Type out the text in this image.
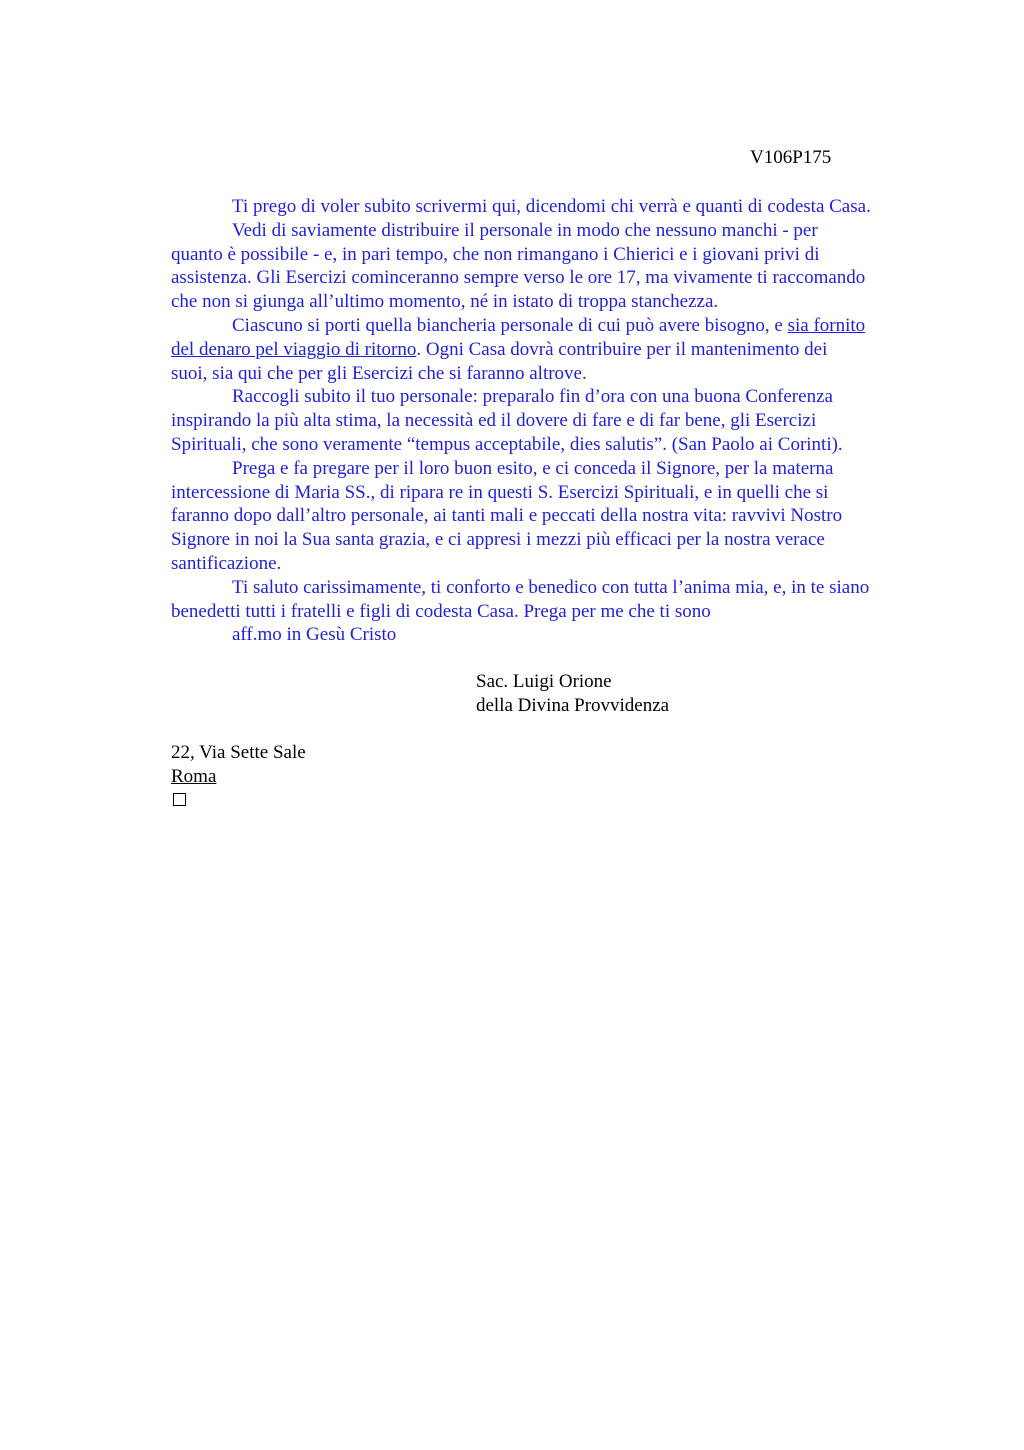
V106P175

Ti prego di voler subito scrivermi qui, dicendomi chi verrà e quanti di codesta Casa.

Vedi di saviamente distribuire il personale in modo che nessuno manchi - per
quanto è possibile - e, in pari tempo, che non rimangano i Chierici e i giovani privi di
assistenza. Gli Esercizi cominceranno sempre verso le ore 17, ma vivamente ti raccomando
che non si giunga all’ultimo momento, né in istato di troppa stanchezza.

Ciascuno si porti quella biancheria personale di cui può avere bisogno, e sia fornito
del denaro pel viaggio di ritorno. Ogni Casa dovrà contribuire per il mantenimento dei
suoi, sia qui che per gli Esercizi che si faranno altrove.

Raccogli subito il tuo personale: preparalo fin d’ora con una buona Conferenza
inspirando la più alta stima, la necessità ed il dovere di fare e di far bene, gli Esercizi
Spirituali, che sono veramente “tempus acceptabile, dies salutis”. (San Paolo ai Corinti).

Prega e fa pregare per il loro buon esito, e ci conceda il Signore, per la materna
intercessione di Maria SS., di ripara re in questi S. Esercizi Spirituali, e in quelli che si
faranno dopo dall’altro personale, ai tanti mali e peccati della nostra vita: ravvivi Nostro
Signore in noi la Sua santa grazia, e ci appresi i mezzi più efficaci per la nostra verace
santificazione.

Ti saluto carissimamente, ti conforto e benedico con tutta l’anima mia, e, in te siano
benedetti tutti i fratelli e figli di codesta Casa. Prega per me che ti sono

aff.mo in Gesù Cristo

Sac. Luigi Orione
della Divina Provvidenza
22, Via Sette Sale
Roma
